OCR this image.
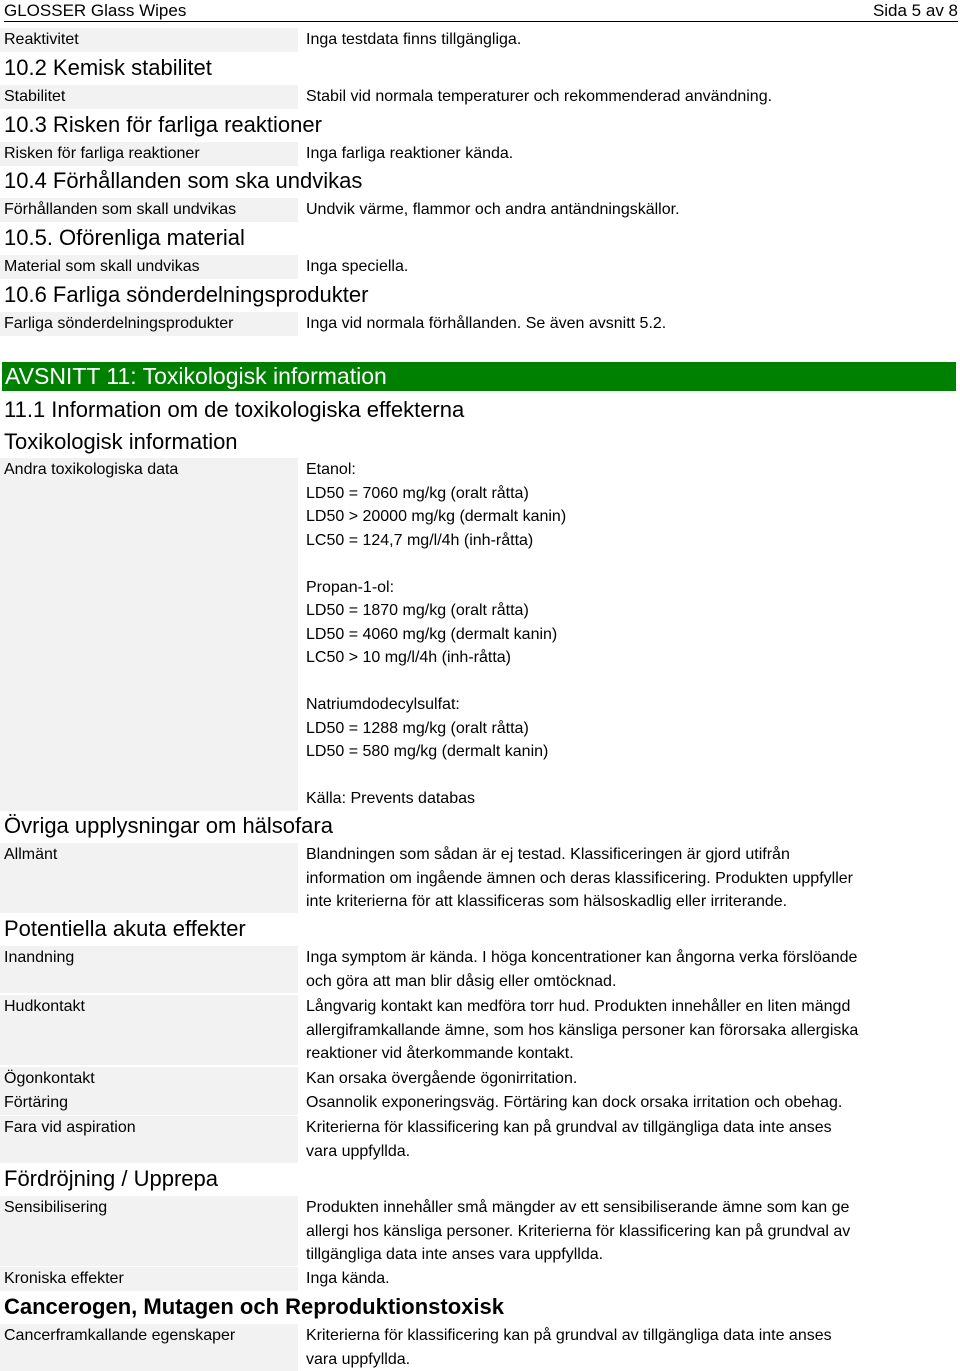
GLOSSER Glass Wipes	Sida 5 av 8
Reaktivitet	Inga testdata finns tillgängliga.
10.2 Kemisk stabilitet
Stabilitet	Stabil vid normala temperaturer och rekommenderad användning.
10.3 Risken för farliga reaktioner
Risken för farliga reaktioner	Inga farliga reaktioner kända.
10.4 Förhållanden som ska undvikas
Förhållanden som skall undvikas	Undvik värme, flammor och andra antändningskällor.
10.5. Oförenliga material
Material som skall undvikas	Inga speciella.
10.6 Farliga sönderdelningsprodukter
Farliga sönderdelningsprodukter	Inga vid normala förhållanden. Se även avsnitt 5.2.
AVSNITT 11: Toxikologisk information
11.1 Information om de toxikologiska effekterna
Toxikologisk information
Andra toxikologiska data	Etanol:
LD50 = 7060 mg/kg (oralt råtta)
LD50 > 20000 mg/kg (dermalt kanin)
LC50 = 124,7 mg/l/4h (inh-råtta)
Propan-1-ol:
LD50 = 1870 mg/kg (oralt råtta)
LD50 = 4060 mg/kg (dermalt kanin)
LC50 > 10 mg/l/4h (inh-råtta)
Natriumdodecylsulfat:
LD50 = 1288 mg/kg (oralt råtta)
LD50 = 580 mg/kg (dermalt kanin)
Källa: Prevents databas
Övriga upplysningar om hälsofara
Allmänt	Blandningen som sådan är ej testad. Klassificeringen är gjord utifrån
information om ingående ämnen och deras klassificering. Produkten uppfyller
inte kriterierna för att klassificeras som hälsoskadlig eller irriterande.
Potentiella akuta effekter
Inandning	Inga symptom är kända. I höga koncentrationer kan ångorna verka förslöande
och göra att man blir dåsig eller omtöcknad.
Hudkontakt	Långvarig kontakt kan medföra torr hud. Produkten innehåller en liten mängd
allergiframkallande ämne, som hos känsliga personer kan förorsaka allergiska
reaktioner vid återkommande kontakt.
Ögonkontakt	Kan orsaka övergående ögonirritation.
Förtäring	Osannolik exponeringsväg. Förtäring kan dock orsaka irritation och obehag.
Fara vid aspiration	Kriterierna för klassificering kan på grundval av tillgängliga data inte anses
vara uppfyllda.
Fördröjning / Upprepa
Sensibilisering	Produkten innehåller små mängder av ett sensibiliserande ämne som kan ge
allergi hos känsliga personer. Kriterierna för klassificering kan på grundval av
tillgängliga data inte anses vara uppfyllda.
Kroniska effekter	Inga kända.
Cancerogen, Mutagen och Reproduktionstoxisk
Cancerframkallande egenskaper	Kriterierna för klassificering kan på grundval av tillgängliga data inte anses
vara uppfyllda.
